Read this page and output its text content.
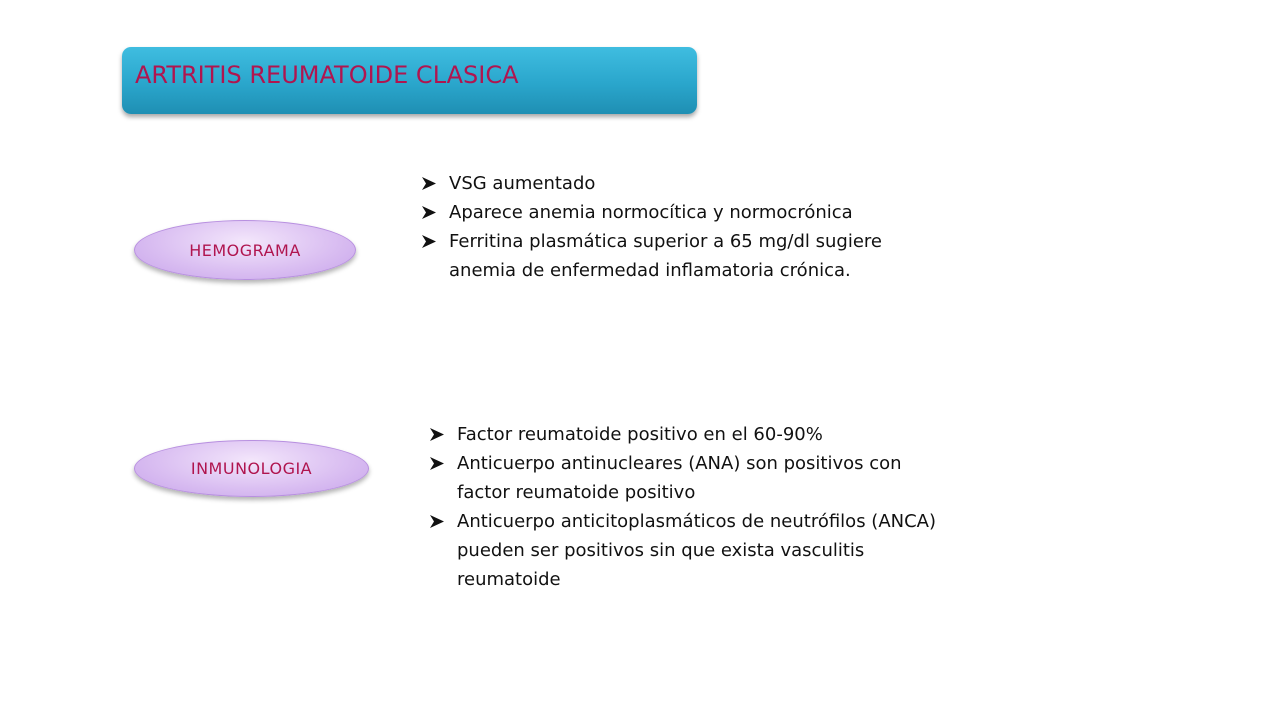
ARTRITIS REUMATOIDE CLASICA
HEMOGRAMA
VSG aumentado
Aparece anemia normocítica y normocrónica
Ferritina plasmática superior a 65 mg/dl sugiere anemia de enfermedad inflamatoria crónica.
INMUNOLOGIA
Factor reumatoide positivo en el 60-90%
Anticuerpo antinucleares (ANA) son positivos con factor reumatoide positivo
Anticuerpo anticitoplasmáticos de neutrófilos (ANCA) pueden ser positivos sin que exista vasculitis reumatoide
